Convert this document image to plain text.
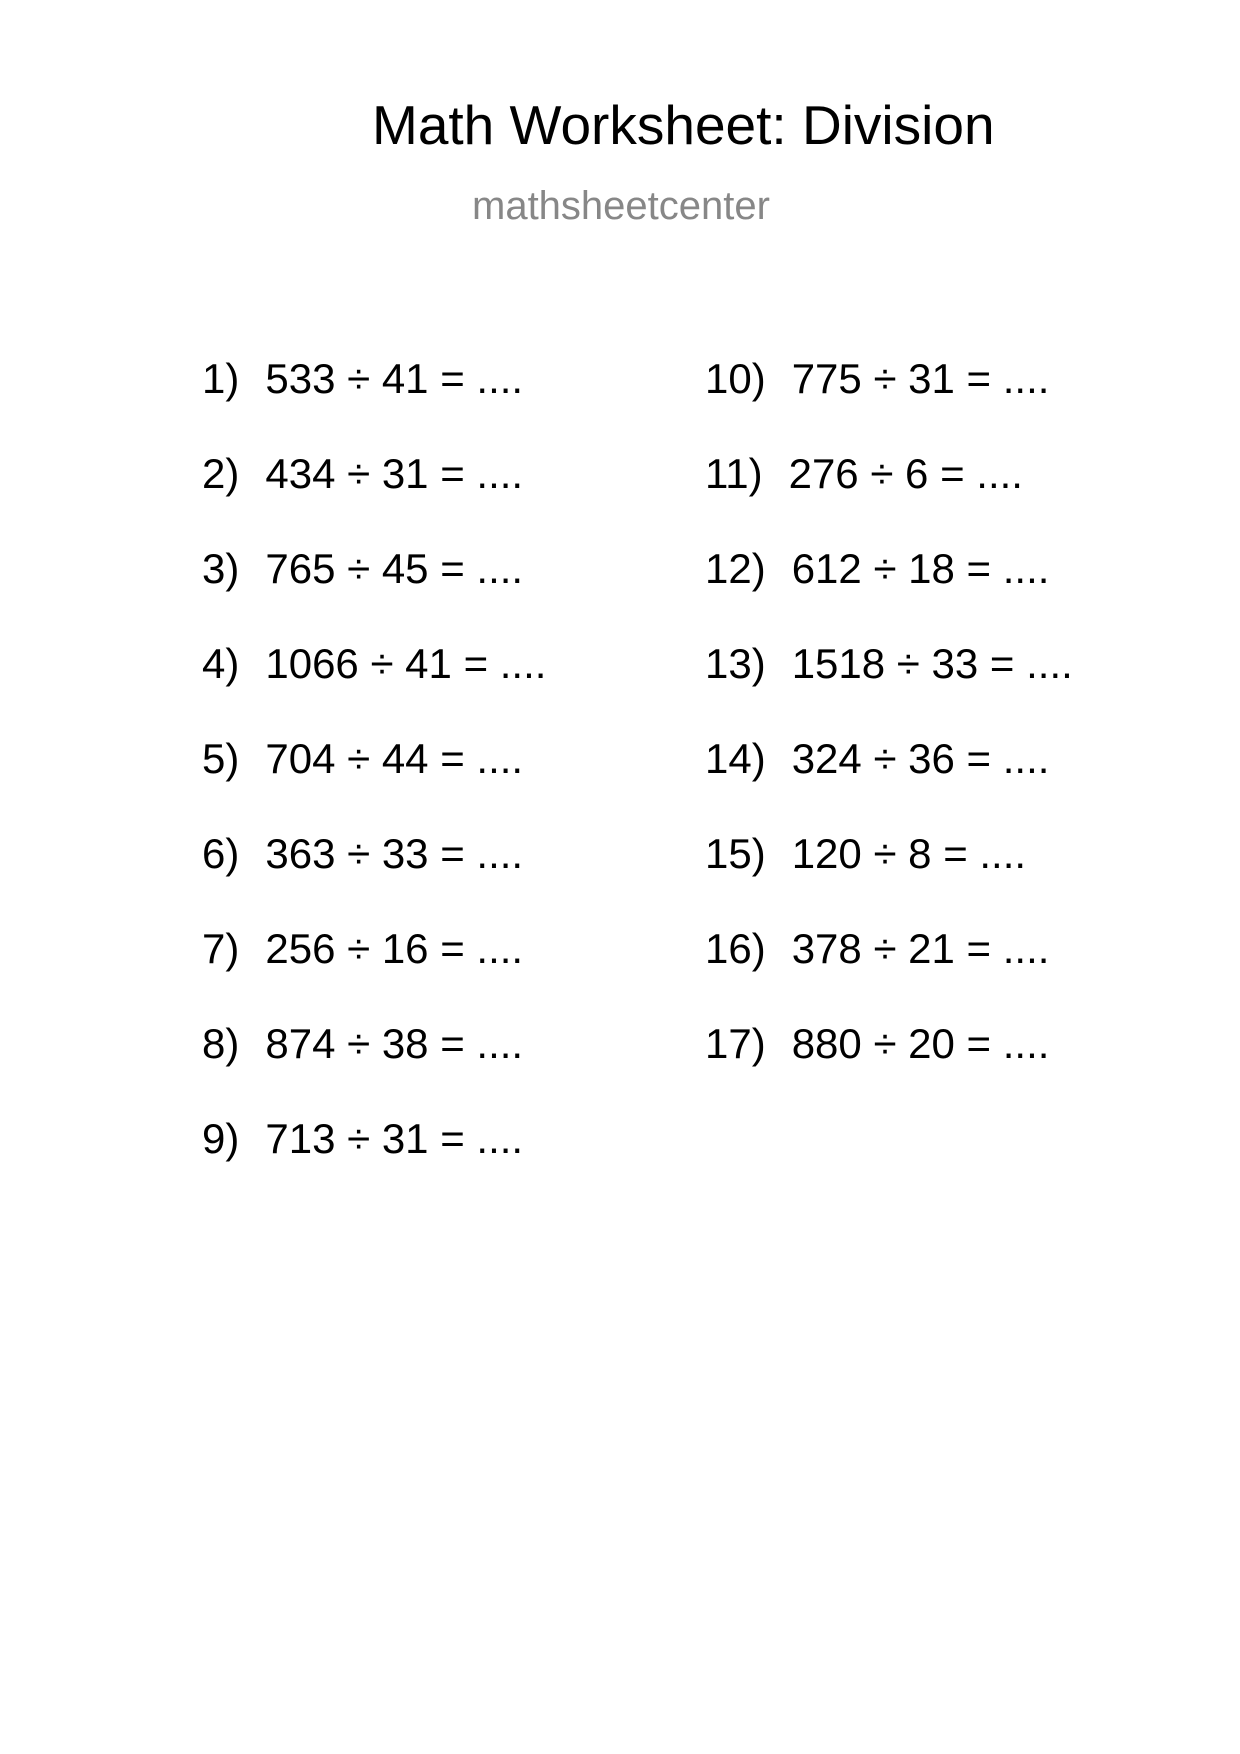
Math Worksheet: Division
mathsheetcenter
1) 533 ÷ 41 = ....
2) 434 ÷ 31 = ....
3) 765 ÷ 45 = ....
4) 1066 ÷ 41 = ....
5) 704 ÷ 44 = ....
6) 363 ÷ 33 = ....
7) 256 ÷ 16 = ....
8) 874 ÷ 38 = ....
9) 713 ÷ 31 = ....
10) 775 ÷ 31 = ....
11) 276 ÷ 6 = ....
12) 612 ÷ 18 = ....
13) 1518 ÷ 33 = ....
14) 324 ÷ 36 = ....
15) 120 ÷ 8 = ....
16) 378 ÷ 21 = ....
17) 880 ÷ 20 = ....
